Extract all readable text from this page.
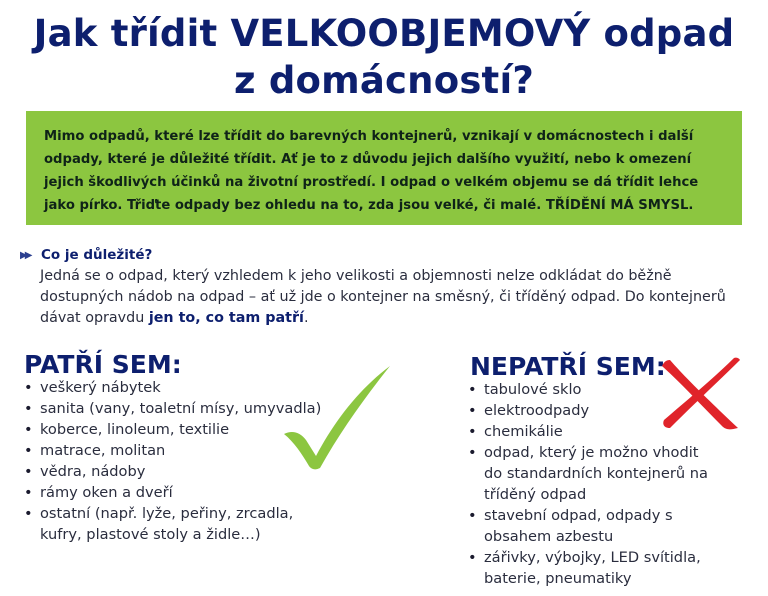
Jak třídit VELKOOBJEMOVÝ odpad
z domácností?

Mimo odpadů, které lze třídit do barevných kontejnerů, vznikají v domácnostech i další odpady, které je důležité třídit. Ať je to z důvodu jejich dalšího využití, nebo k omezení jejich škodlivých účinků na životní prostředí. I odpad o velkém objemu se dá třídit lehce jako pírko. Třiďte odpady bez ohledu na to, zda jsou velké, či malé. TŘÍDĚNÍ MÁ SMYSL.

▶▶ Co je důležité?

Jedná se o odpad, který vzhledem k jeho velikosti a objemnosti nelze odkládat do běžně dostupných nádob na odpad – ať už jde o kontejner na směsný, či tříděný odpad. Do kontejnerů dávat opravdu jen to, co tam patří.

PATŘÍ SEM:
• veškerý nábytek
• sanita (vany, toaletní mísy, umyvadla)
• koberce, linoleum, textilie
• matrace, molitan
• vědra, nádoby
• rámy oken a dveří
• ostatní (např. lyže, peřiny, zrcadla, kufry, plastové stoly a židle…)
NEPATŘÍ SEM:
• tabulové sklo
• elektroodpady
• chemikálie
• odpad, který je možno vhodit do standardních kontejnerů na tříděný odpad
• stavební odpad, odpady s obsahem azbestu
• zářivky, výbojky, LED svítidla, baterie, pneumatiky
